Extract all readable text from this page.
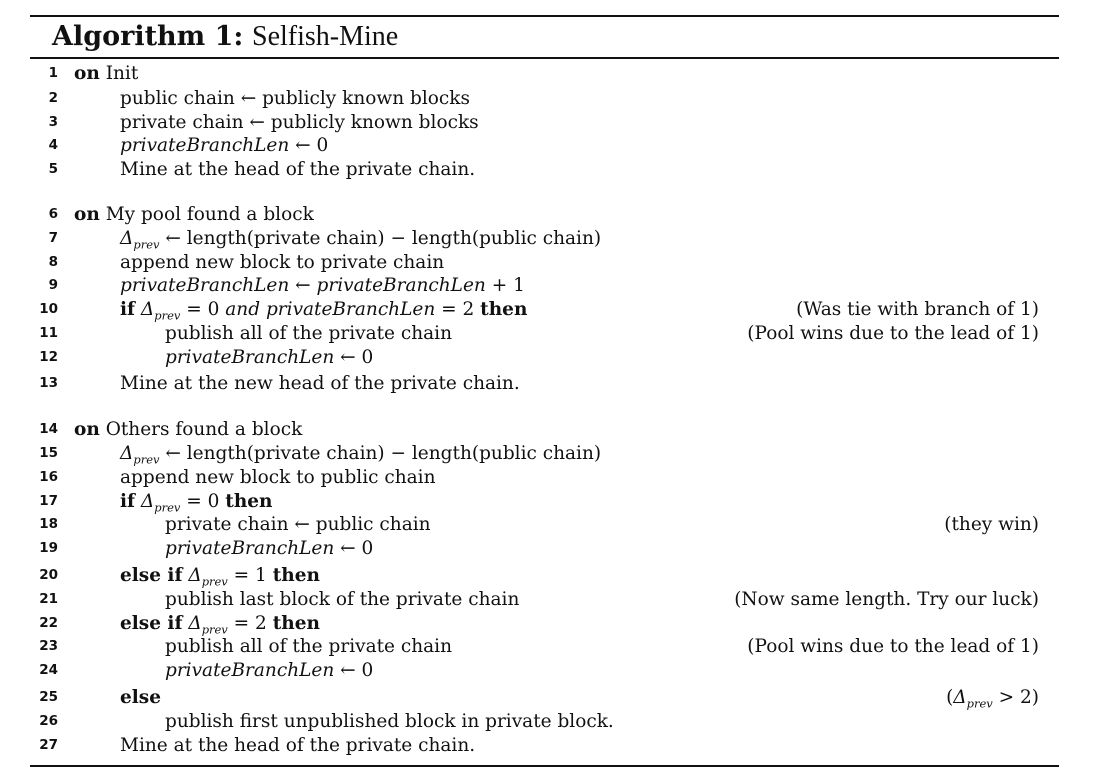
Algorithm 1: Selfish-Mine
1 on Init
2	public chain ← publicly known blocks
3	private chain ← publicly known blocks
4	privateBranchLen ← 0
5	Mine at the head of the private chain.
6 on My pool found a block
7	$\Delta_{prev}$ ← length(private chain) − length(public chain)
8	append new block to private chain
9	privateBranchLen ← privateBranchLen + 1
10	if $\Delta_{prev} = 0$ and privateBranchLen = 2 then	(Was tie with branch of 1)
11	publish all of the private chain	(Pool wins due to the lead of 1)
12	privateBranchLen ← 0
13	Mine at the new head of the private chain.
14 on Others found a block
15	$\Delta_{prev}$ ← length(private chain) − length(public chain)
16	append new block to public chain
17	if $\Delta_{prev} = 0$ then
18	private chain ← public chain	(they win)
19	privateBranchLen ← 0
20	else if $\Delta_{prev} = 1$ then
21	publish last block of the private chain	(Now same length. Try our luck)
22	else if $\Delta_{prev} = 2$ then
23	publish all of the private chain	(Pool wins due to the lead of 1)
24	privateBranchLen ← 0
25	else	$(\Delta_{prev} > 2)$
26	publish first unpublished block in private block.
27	Mine at the head of the private chain.
